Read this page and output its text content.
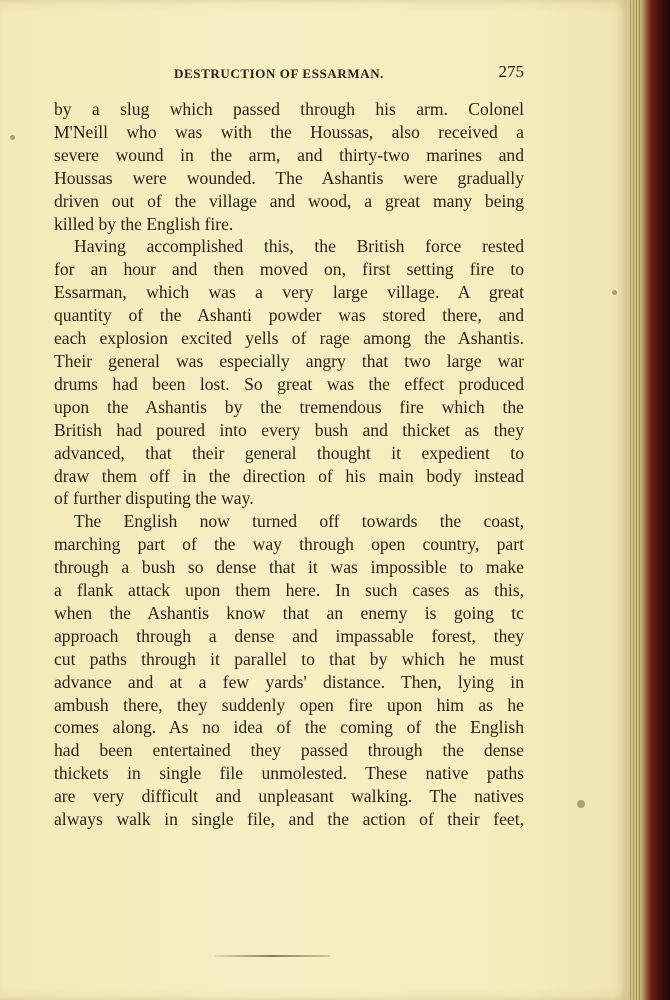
DESTRUCTION OF ESSARMAN.	275
by a slug which passed through his arm. Colonel
M'Neill who was with the Houssas, also received a
severe wound in the arm, and thirty-two marines and
Houssas were wounded. The Ashantis were gradually
driven out of the village and wood, a great many being
killed by the English fire.
Having accomplished this, the British force rested
for an hour and then moved on, first setting fire to
Essarman, which was a very large village. A great
quantity of the Ashanti powder was stored there, and
each explosion excited yells of rage among the Ashantis.
Their general was especially angry that two large war
drums had been lost. So great was the effect produced
upon the Ashantis by the tremendous fire which the
British had poured into every bush and thicket as they
advanced, that their general thought it expedient to
draw them off in the direction of his main body instead
of further disputing the way.
The English now turned off towards the coast,
marching part of the way through open country, part
through a bush so dense that it was impossible to make
a flank attack upon them here. In such cases as this,
when the Ashantis know that an enemy is going tc
approach through a dense and impassable forest, they
cut paths through it parallel to that by which he must
advance and at a few yards' distance. Then, lying in
ambush there, they suddenly open fire upon him as he
comes along. As no idea of the coming of the English
had been entertained they passed through the dense
thickets in single file unmolested. These native paths
are very difficult and unpleasant walking. The natives
always walk in single file, and the action of their feet,
